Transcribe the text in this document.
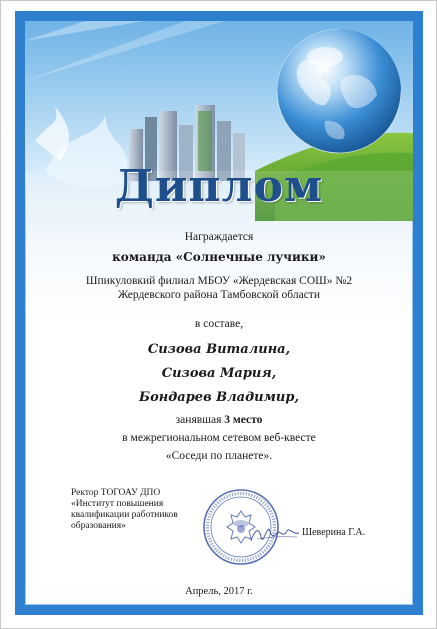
Диплом
Награждается
команда «Солнечные лучики»
Шпикуловкий филиал МБОУ «Жердевская СОШ» №2
Жердевского района Тамбовской области
в составе,
Сизова Виталина,
Сизова Мария,
Бондарев Владимир,
занявшая 3 место
в межрегиональном сетевом веб-квесте
«Соседи по планете».
Ректор ТОГОАУ ДПО
«Институт повышения
квалификации работников
образования»
Шеверина Г.А.
Апрель, 2017 г.
